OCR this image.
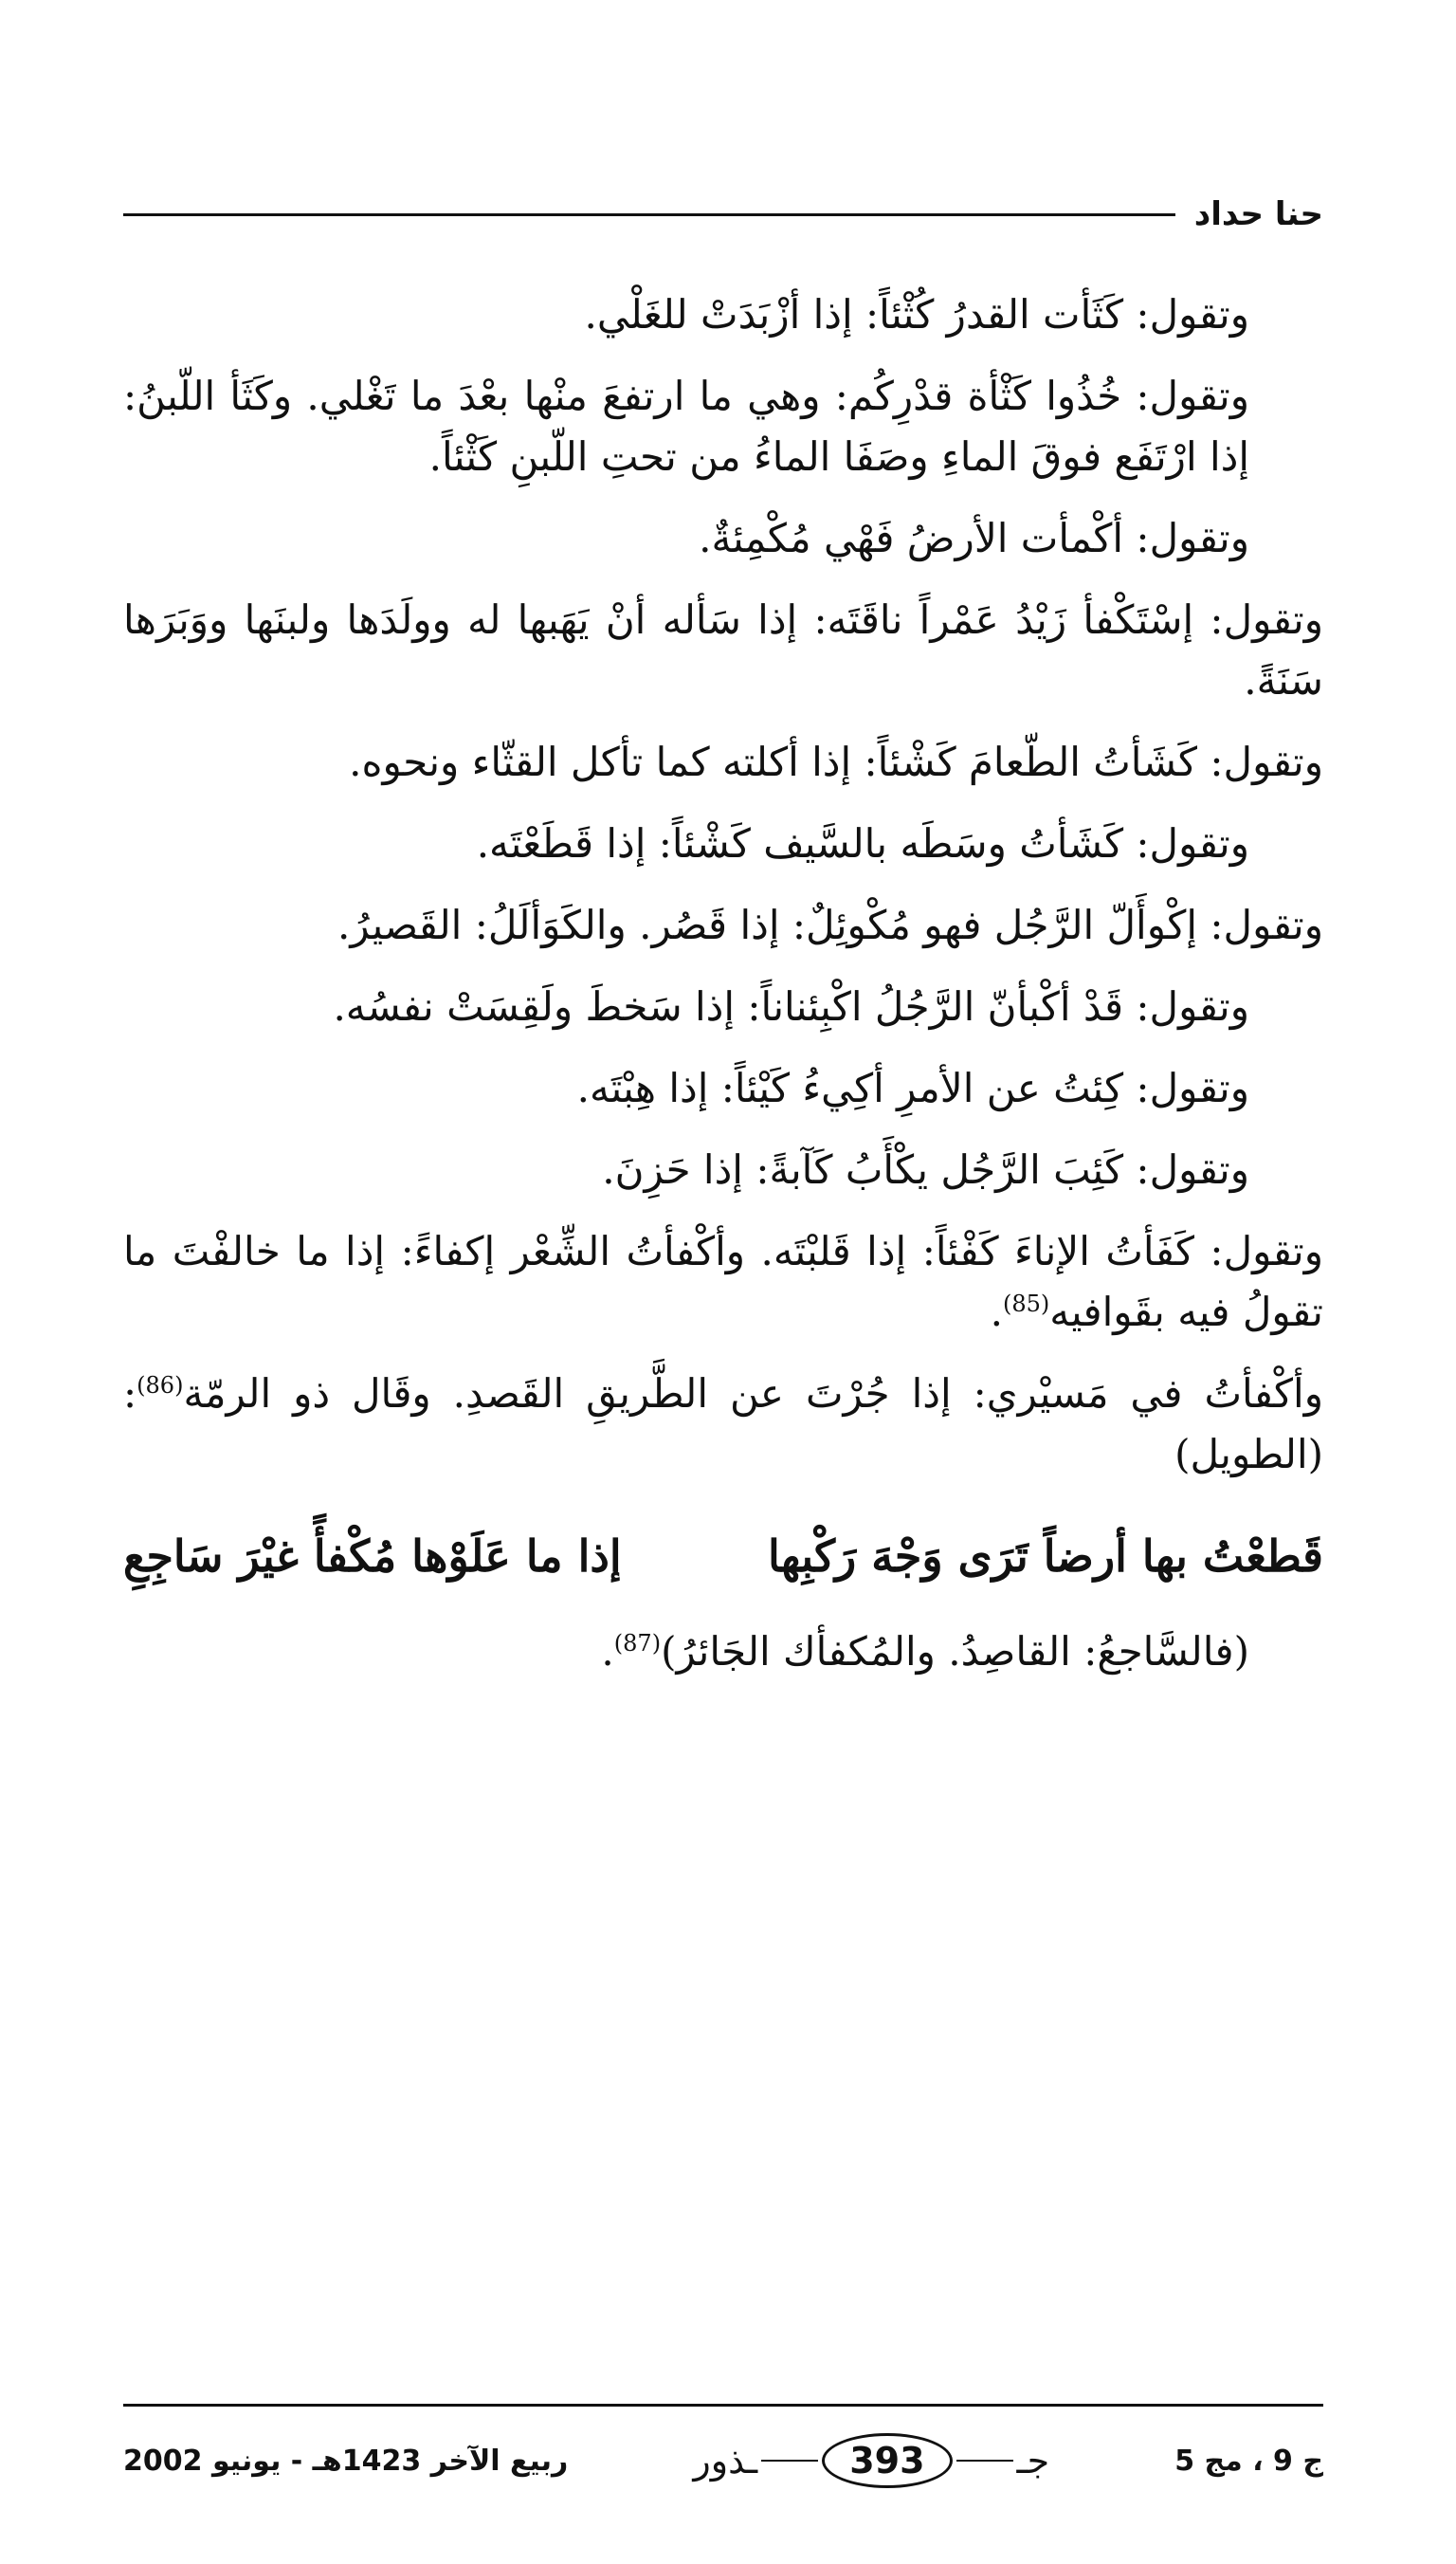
حنا حداد

وتقول: كَثَأت القدرُ كُثْئاً: إذا أزْبَدَتْ للغَلْي.

وتقول: خُذُوا كَثْأة قدْرِكُم: وهي ما ارتفعَ منْها بعْدَ ما تَغْلي. وكَثَأ اللّبنُ: إذا ارْتَفَع فوقَ الماءِ وصَفَا الماءُ من تحتِ اللّبنِ كَثْئاً.

وتقول: أكْمأت الأرضُ فَهْي مُكْمِئةٌ.

وتقول: إسْتَكْفأ زَيْدُ عَمْراً ناقَتَه: إذا سَأله أنْ يَهَبها له وولَدَها ولبنَها ووَبَرَها سَنَةً.

وتقول: كَشَأتُ الطّعامَ كَشْئاً: إذا أكلته كما تأكل القثّاء ونحوه.

وتقول: كَشَأتُ وسَطَه بالسَّيف كَشْئاً: إذا قَطَعْتَه.

وتقول: إكْوأَلّ الرَّجُل فهو مُكْوئِلٌ: إذا قَصُر. والكَوَألَلُ: القَصيرُ.

وتقول: قَدْ أكْبأنّ الرَّجُلُ اكْبِئناناً: إذا سَخطَ ولَقِسَتْ نفسُه.

وتقول: كِئتُ عن الأمرِ أكِيءُ كَيْئاً: إذا هِبْتَه.

وتقول: كَئِبَ الرَّجُل يكْأَبُ كَآبةً: إذا حَزِنَ.

وتقول: كَفَأتُ الإناءَ كَفْئاً: إذا قَلبْتَه. وأكْفأتُ الشِّعْر إكفاءً: إذا ما خالفْتَ ما تقولُ فيه بقَوافيه$^{(85)}$.

وأكْفأتُ في مَسيْري: إذا جُرْتَ عن الطَّريقِ القَصدِ. وقَال ذو الرمّة$^{(86)}$: (الطويل)

قَطعْتُ بها أرضاً تَرَى وَجْهَ رَكْبِها
إذا ما عَلَوْها مُكْفأً غيْرَ سَاجِعِ

(فالسَّاجعُ: القاصِدُ. والمُكفأك الجَائرُ)$^{(87)}$.

ج 9 ، مج 5
جـ
393
ـذور
ربيع الآخر 1423هـ - يونيو 2002
